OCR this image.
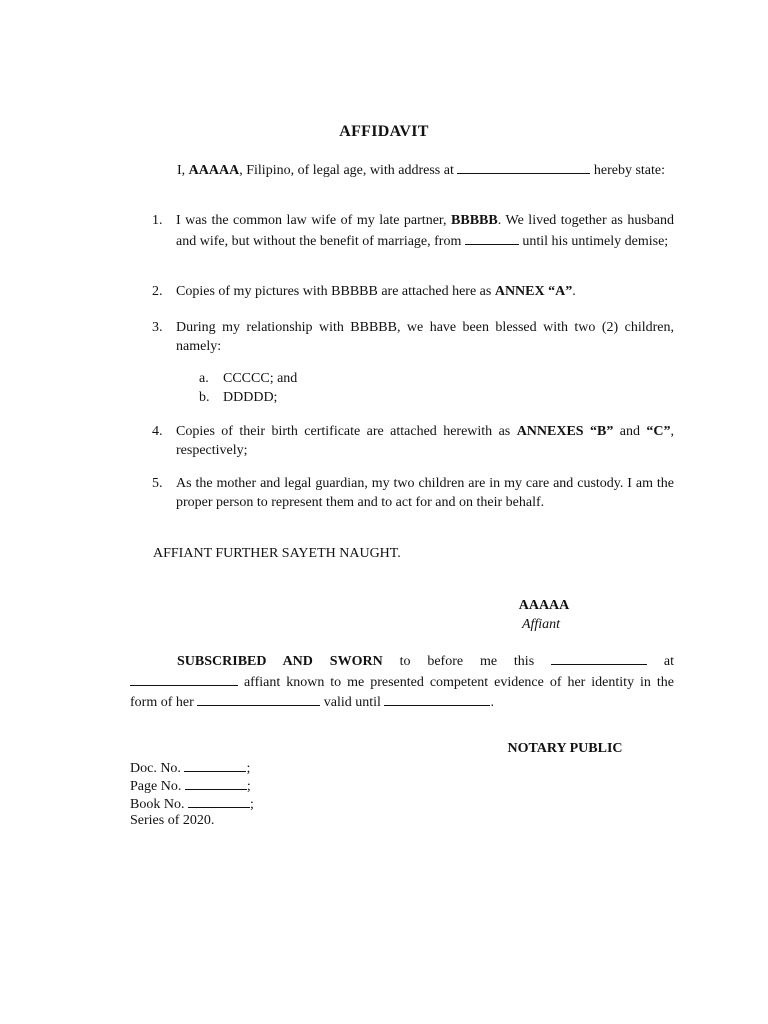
AFFIDAVIT
I, AAAAA, Filipino, of legal age, with address at	hereby state:
1. I was the common law wife of my late partner, BBBBB. We lived together as husband and wife, but without the benefit of marriage, from	until his untimely demise;
2. Copies of my pictures with BBBBB are attached here as ANNEX “A”.
3. During my relationship with BBBBB, we have been blessed with two (2) children, namely:
a. CCCCC; and
b. DDDDD;
4. Copies of their birth certificate are attached herewith as ANNEXES “B” and “C”, respectively;
5. As the mother and legal guardian, my two children are in my care and custody. I am the proper person to represent them and to act for and on their behalf.
AFFIANT FURTHER SAYETH NAUGHT.
AAAAA
Affiant
SUBSCRIBED AND SWORN to before me this	at  affiant known to me presented competent evidence of her identity in the form of her	valid until	.
NOTARY PUBLIC
Doc. No.	;
Page No.	;
Book No.	;
Series of 2020.
